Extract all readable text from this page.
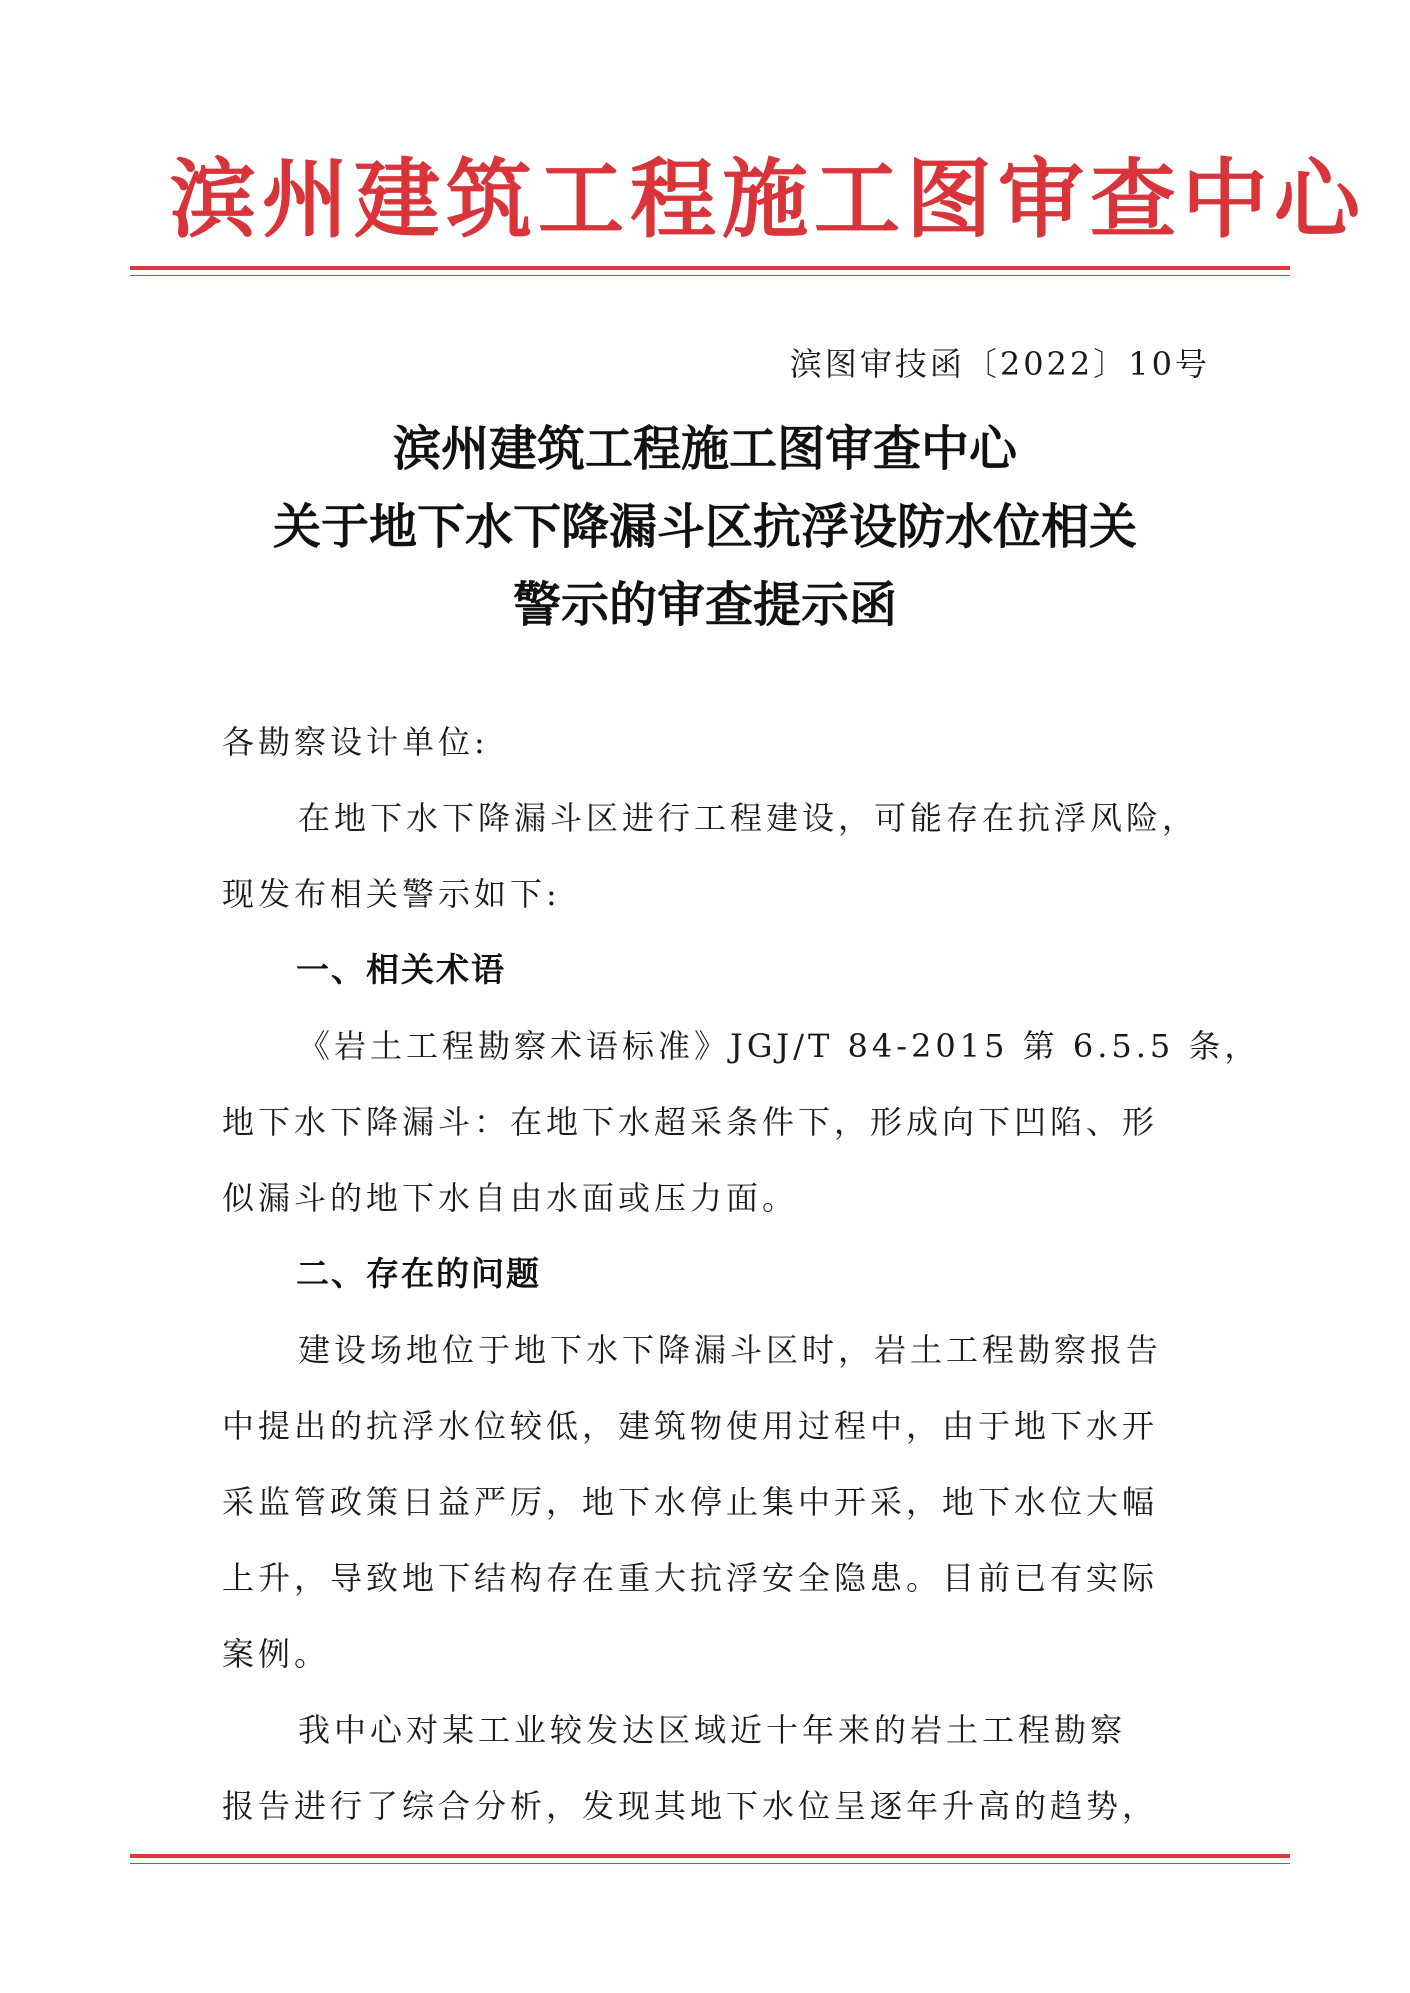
滨州建筑工程施工图审查中心
滨图审技函〔2022〕10号
滨州建筑工程施工图审查中心
关于地下水下降漏斗区抗浮设防水位相关
警示的审查提示函
各勘察设计单位:
在地下水下降漏斗区进行工程建设，可能存在抗浮风险，
现发布相关警示如下:
一、相关术语
《岩土工程勘察术语标准》JGJ/T 84-2015 第 6.5.5 条，
地下水下降漏斗：在地下水超采条件下，形成向下凹陷、形
似漏斗的地下水自由水面或压力面。
二、存在的问题
建设场地位于地下水下降漏斗区时，岩土工程勘察报告
中提出的抗浮水位较低，建筑物使用过程中，由于地下水开
采监管政策日益严厉，地下水停止集中开采，地下水位大幅
上升，导致地下结构存在重大抗浮安全隐患。目前已有实际
案例。
我中心对某工业较发达区域近十年来的岩土工程勘察
报告进行了综合分析，发现其地下水位呈逐年升高的趋势，
